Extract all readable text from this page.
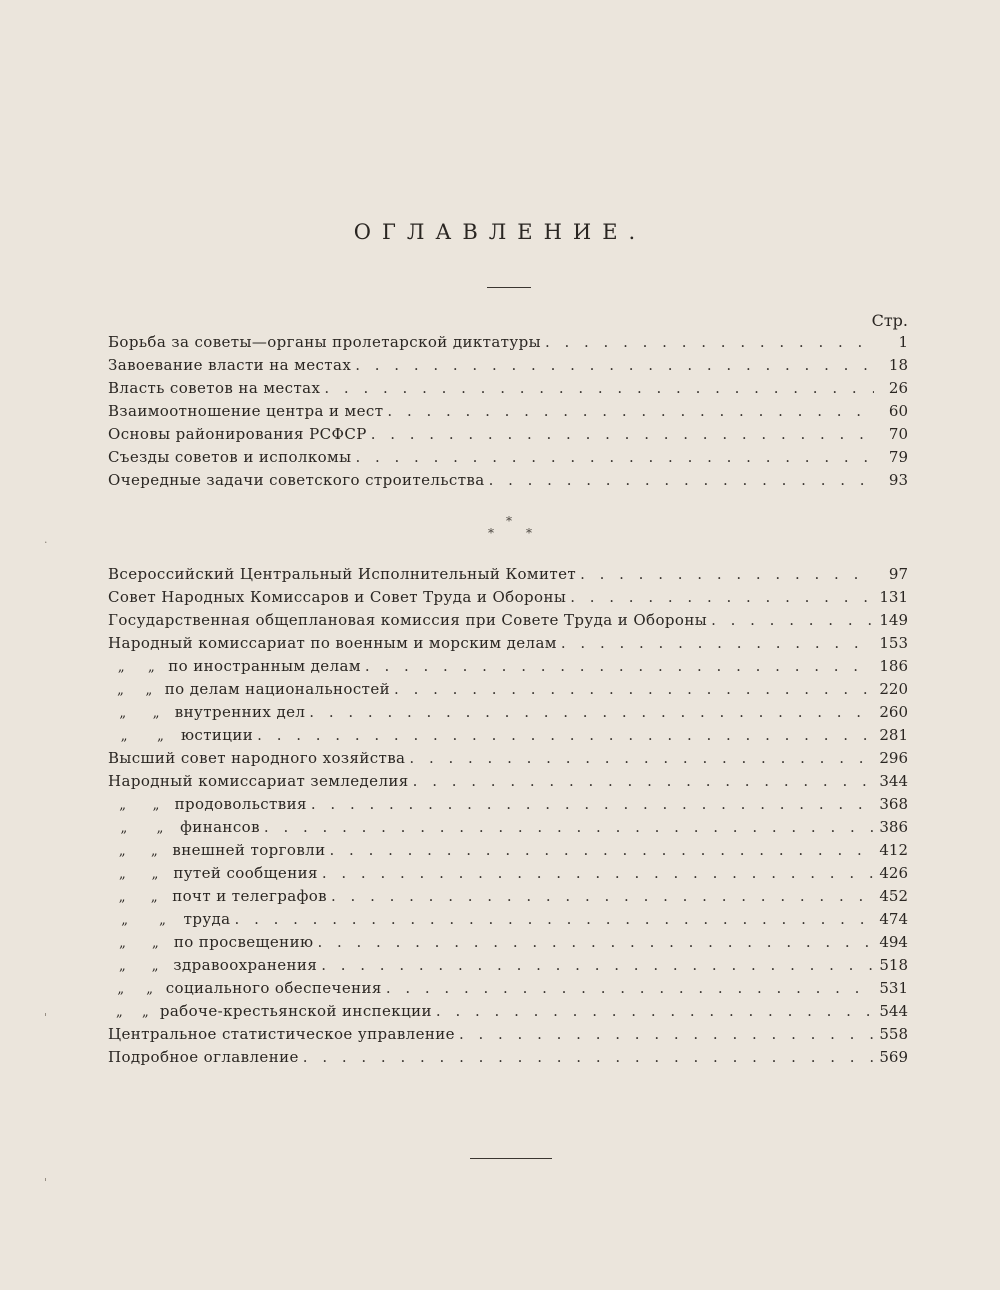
ОГЛАВЛЕНИЕ.
Стр.
Борьба за советы—органы пролетарской диктатуры . . .	1
Завоевание власти на местах . . .	18
Власть советов на местах . . .	26
Взаимоотношение центра и мест . . .	60
Основы районирования РСФСР . . .	70
Съезды советов и исполкомы . . .	79
Очередные задачи советского строительства . . .	93
*
*	*
Всероссийский Центральный Исполнительный Комитет . . .	97
Совет Народных Комиссаров и Совет Труда и Обороны . . .	131
Государственная общеплановая комиссия при Совете Труда и Обороны . . .	149
Народный комиссариат по военным и морским делам . . .	153
„	„ по иностранным делам . . .	186
„	„ по делам национальностей . . .	220
„	„	внутренних дел . . .	260
„	„	юстиции . . .	281
Высший совет народного хозяйства . . .	296
Народный комиссариат земледелия . . .	344
„	„	продовольствия . . .	368
„	„	финансов . . .	386
„	„ внешней торговли . . .	412
„	„ путей сообщения . . .	426
„	„ почт и телеграфов . . .	452
„	„	труда . . .	474
„	„	по просвещению . . .	494
„	„ здравоохранения . . .	518
„	„ социального обеспечения . . .	531
„	„ рабоче-крестьянской инспекции . . .	544
Центральное статистическое управление . . .	558
Подробное оглавление . . .	569
'
'
·
